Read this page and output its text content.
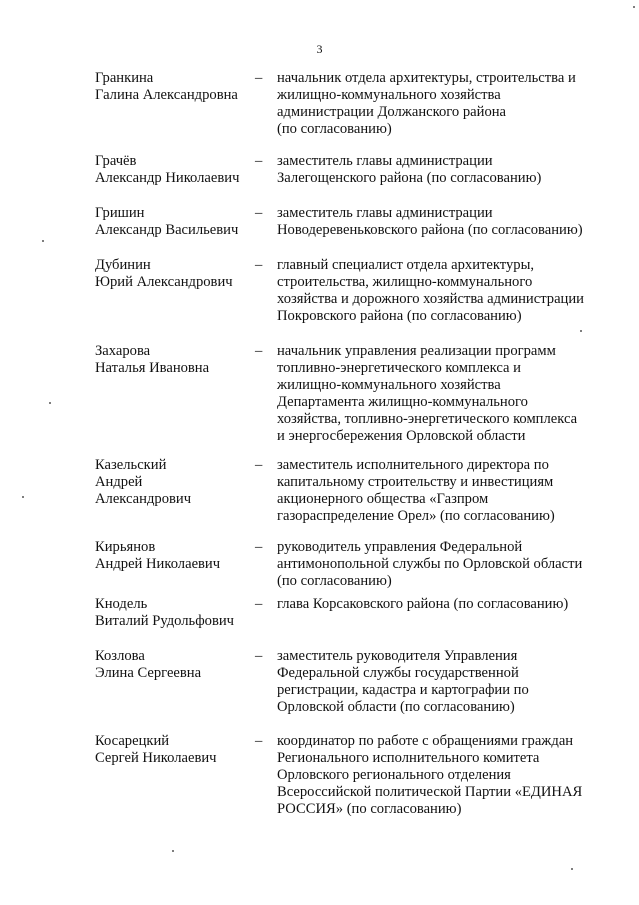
3
Гранкина
Галина Александровна
– начальник отдела архитектуры, строительства и
жилищно-коммунального хозяйства
администрации Должанского района
(по согласованию)
Грачёв
Александр Николаевич
– заместитель главы администрации
Залегощенского района (по согласованию)
Гришин
Александр Васильевич
– заместитель главы администрации
Новодеревеньковского района (по согласованию)
Дубинин
Юрий Александрович
– главный специалист отдела архитектуры,
строительства, жилищно-коммунального
хозяйства и дорожного хозяйства администрации
Покровского района (по согласованию)
Захарова
Наталья Ивановна
– начальник управления реализации программ
топливно-энергетического комплекса и
жилищно-коммунального хозяйства
Департамента жилищно-коммунального
хозяйства, топливно-энергетического комплекса
и энергосбережения Орловской области
Казельский
Андрей
Александрович
– заместитель исполнительного директора по
капитальному строительству и инвестициям
акционерного общества «Газпром
газораспределение Орел» (по согласованию)
Кирьянов
Андрей Николаевич
– руководитель управления Федеральной
антимонопольной службы по Орловской области
(по согласованию)
Кнодель
Виталий Рудольфович
– глава Корсаковского района (по согласованию)
Козлова
Элина Сергеевна
– заместитель руководителя Управления
Федеральной службы государственной
регистрации, кадастра и картографии по
Орловской области (по согласованию)
Косарецкий
Сергей Николаевич
– координатор по работе с обращениями граждан
Регионального исполнительного комитета
Орловского регионального отделения
Всероссийской политической Партии «ЕДИНАЯ
РОССИЯ» (по согласованию)
